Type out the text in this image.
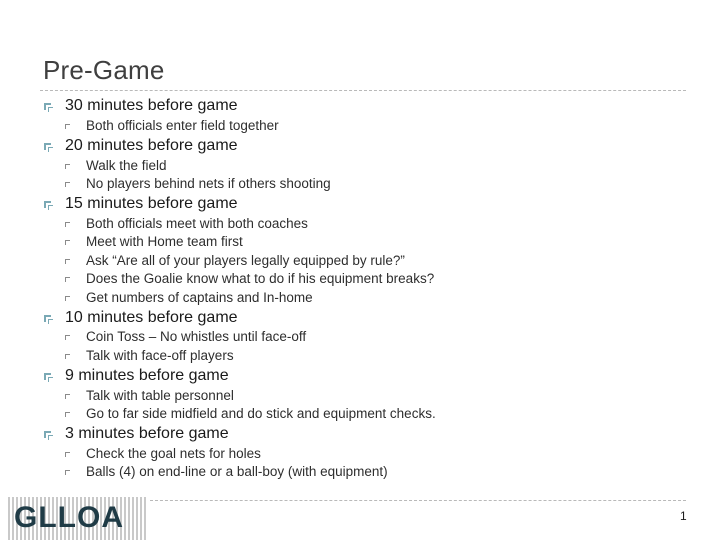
Pre-Game
30 minutes before game
Both officials enter field together
20 minutes before game
Walk the field
No players behind nets if others shooting
15 minutes before game
Both officials meet with both coaches
Meet with Home team first
Ask “Are all of your players legally equipped by rule?”
Does the Goalie know what to do if his equipment breaks?
Get numbers of captains and In-home
10 minutes before game
Coin Toss – No whistles until face-off
Talk with face-off players
9 minutes before game
Talk with table personnel
Go to far side midfield and do stick and equipment checks.
3 minutes before game
Check the goal nets for holes
Balls (4) on end-line or a ball-boy (with equipment)
GLLOA	1
